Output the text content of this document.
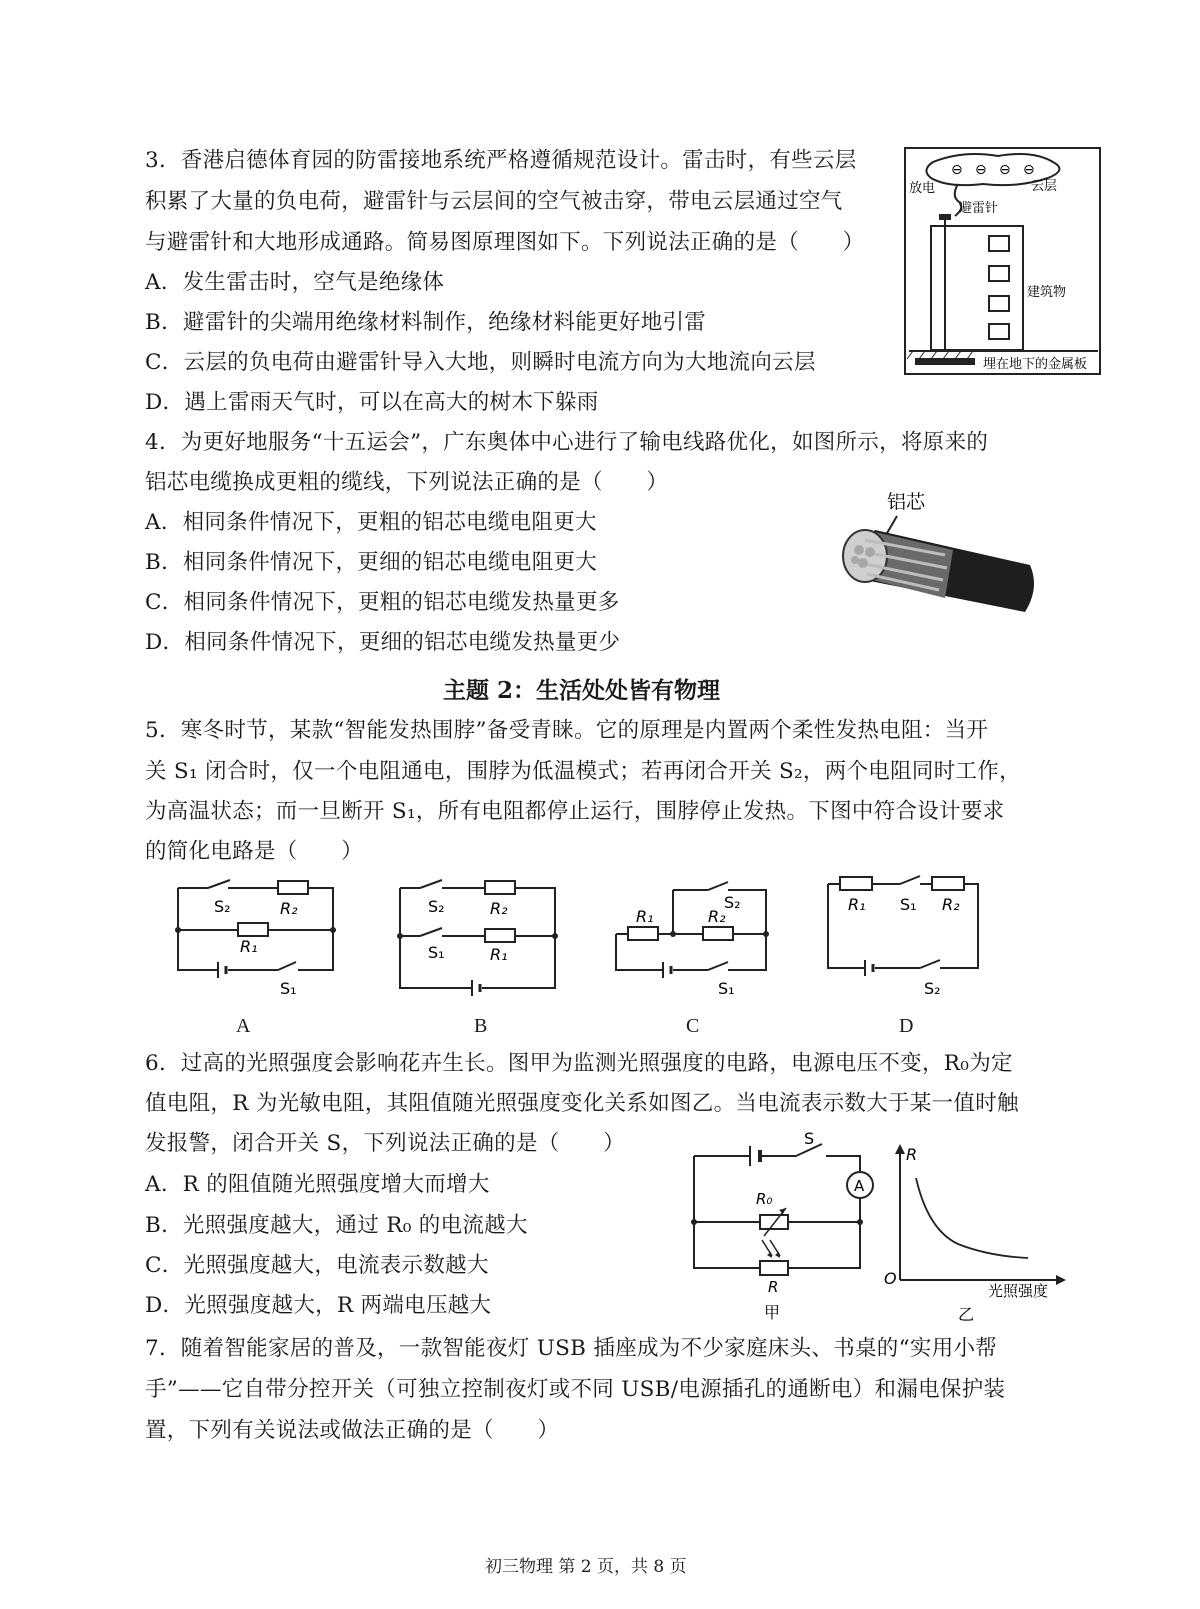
3．香港启德体育园的防雷接地系统严格遵循规范设计。雷击时，有些云层
积累了大量的负电荷，避雷针与云层间的空气被击穿，带电云层通过空气
与避雷针和大地形成通路。简易图原理图如下。下列说法正确的是（　　）
A．发生雷击时，空气是绝缘体
B．避雷针的尖端用绝缘材料制作，绝缘材料能更好地引雷
C．云层的负电荷由避雷针导入大地，则瞬时电流方向为大地流向云层
D．遇上雷雨天气时，可以在高大的树木下躲雨
⊖ ⊖ ⊖ ⊖
放电	云层
避雷针
建筑物
埋在地下的金属板
4．为更好地服务“十五运会”，广东奥体中心进行了输电线路优化，如图所示，将原来的
铝芯电缆换成更粗的缆线，下列说法正确的是（　　）
A．相同条件情况下，更粗的铝芯电缆电阻更大
B．相同条件情况下，更细的铝芯电缆电阻更大
C．相同条件情况下，更粗的铝芯电缆发热量更多
D．相同条件情况下，更细的铝芯电缆发热量更少
铝芯
主题 2：生活处处皆有物理
5．寒冬时节，某款“智能发热围脖”备受青睐。它的原理是内置两个柔性发热电阻：当开
关 S₁ 闭合时，仅一个电阻通电，围脖为低温模式；若再闭合开关 S₂，两个电阻同时工作，
为高温状态；而一旦断开 S₁，所有电阻都停止运行，围脖停止发热。下图中符合设计要求
的简化电路是（　　）
S₂	R₂
R₁
S₁
S₂	R₂
S₁	R₁
S₂
R₁	R₂
S₁
R₁ S₁ R₂
S₂
A	B	C	D
6．过高的光照强度会影响花卉生长。图甲为监测光照强度的电路，电源电压不变，R₀为定
值电阻，R 为光敏电阻，其阻值随光照强度变化关系如图乙。当电流表示数大于某一值时触
发报警，闭合开关 S，下列说法正确的是（　　）
A．R 的阻值随光照强度增大而增大
B．光照强度越大，通过 R₀ 的电流越大
C．光照强度越大，电流表示数越大
D．光照强度越大，R 两端电压越大
S
A
R₀
R
甲
R
O
光照强度
乙
7．随着智能家居的普及，一款智能夜灯 USB 插座成为不少家庭床头、书桌的“实用小帮
手”——它自带分控开关（可独立控制夜灯或不同 USB/电源插孔的通断电）和漏电保护装
置，下列有关说法或做法正确的是（　　）
初三物理 第 2 页，共 8 页
